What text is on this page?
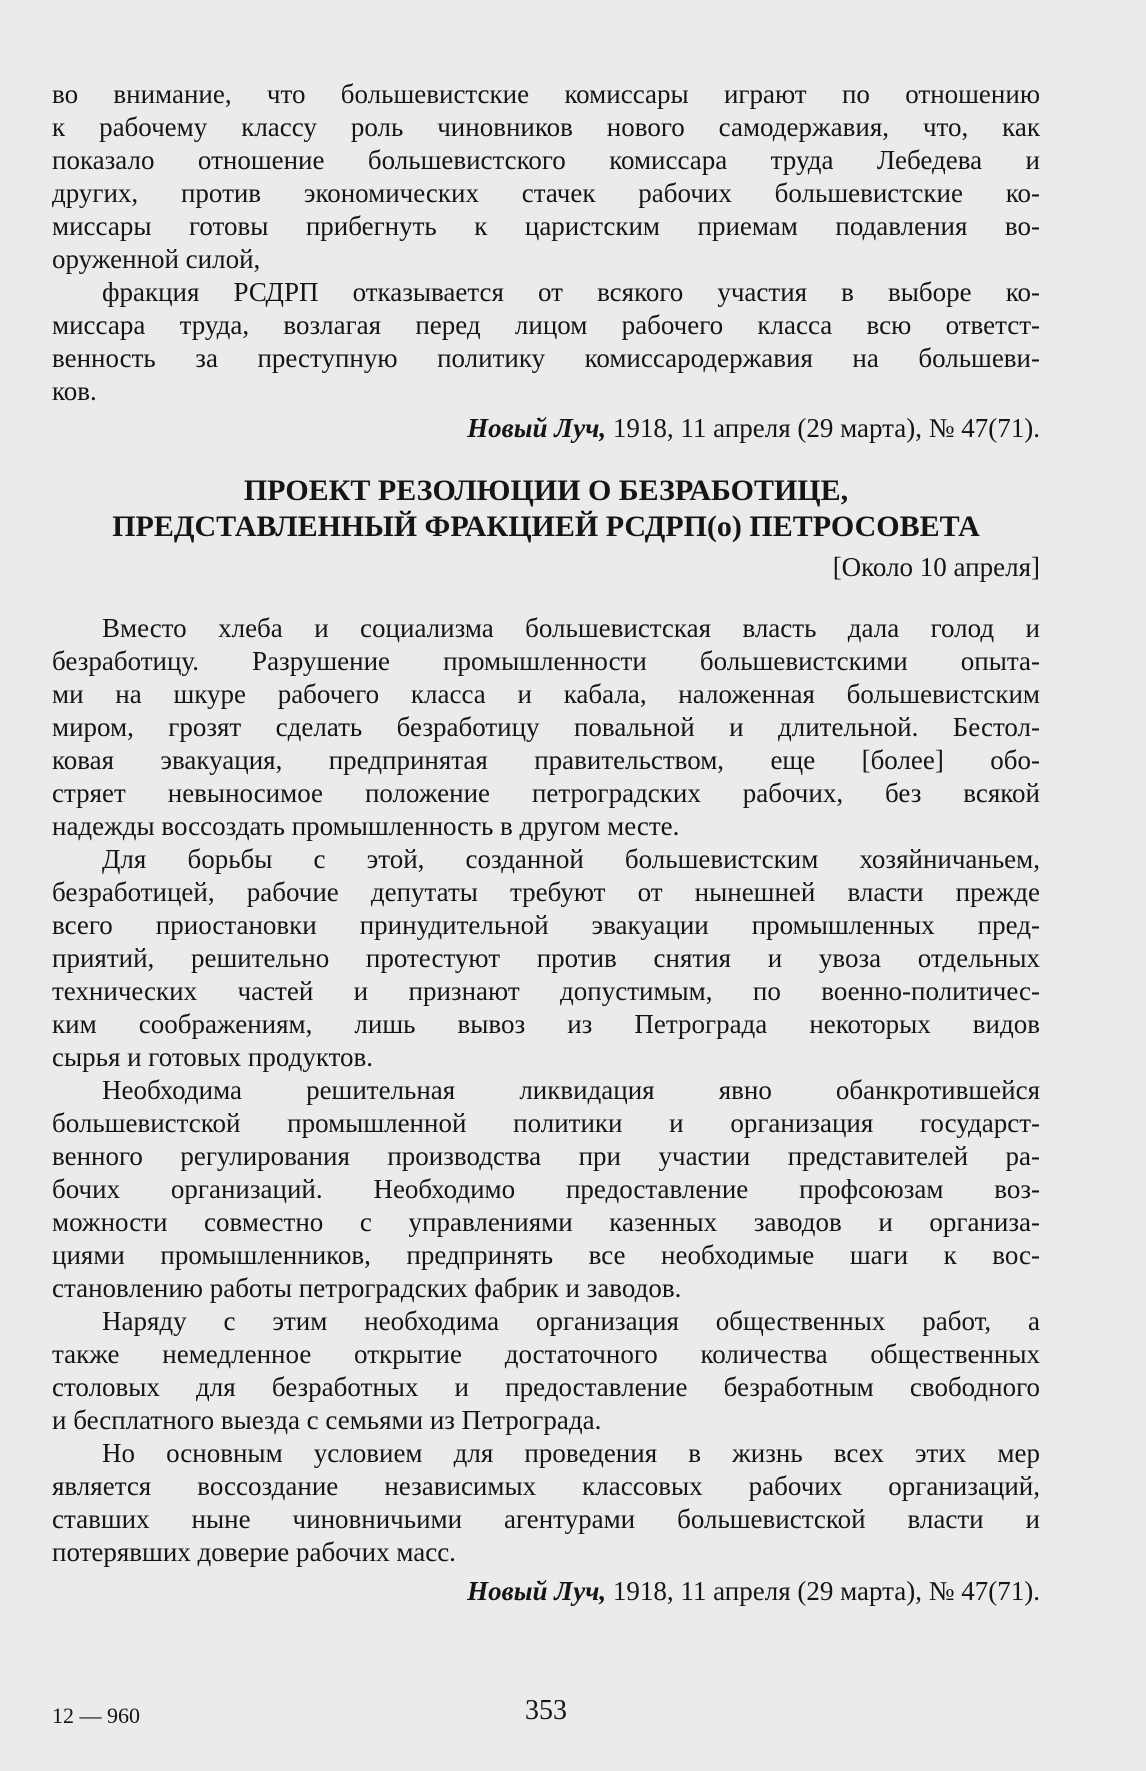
во внимание, что большевистские комиссары играют по отношению
к рабочему классу роль чиновников нового самодержавия, что, как
показало отношение большевистского комиссара труда Лебедева и
других, против экономических стачек рабочих большевистские ко-
миссары готовы прибегнуть к царистским приемам подавления во-
оруженной силой,
фракция РСДРП отказывается от всякого участия в выборе ко-
миссара труда, возлагая перед лицом рабочего класса всю ответст-
венность за преступную политику комиссародержавия на большеви-
ков.
Новый Луч, 1918, 11 апреля (29 марта), № 47(71).
ПРОЕКТ РЕЗОЛЮЦИИ О БЕЗРАБОТИЦЕ,
ПРЕДСТАВЛЕННЫЙ ФРАКЦИЕЙ РСДРП(о) ПЕТРОСОВЕТА
[Около 10 апреля]
Вместо хлеба и социализма большевистская власть дала голод и
безработицу. Разрушение промышленности большевистскими опыта-
ми на шкуре рабочего класса и кабала, наложенная большевистским
миром, грозят сделать безработицу повальной и длительной. Бестол-
ковая эвакуация, предпринятая правительством, еще [более] обо-
стряет невыносимое положение петроградских рабочих, без всякой
надежды воссоздать промышленность в другом месте.
Для борьбы с этой, созданной большевистским хозяйничаньем,
безработицей, рабочие депутаты требуют от нынешней власти прежде
всего приостановки принудительной эвакуации промышленных пред-
приятий, решительно протестуют против снятия и увоза отдельных
технических частей и признают допустимым, по военно-политичес-
ким соображениям, лишь вывоз из Петрограда некоторых видов
сырья и готовых продуктов.
Необходима решительная ликвидация явно обанкротившейся
большевистской промышленной политики и организация государст-
венного регулирования производства при участии представителей ра-
бочих организаций. Необходимо предоставление профсоюзам воз-
можности совместно с управлениями казенных заводов и организа-
циями промышленников, предпринять все необходимые шаги к вос-
становлению работы петроградских фабрик и заводов.
Наряду с этим необходима организация общественных работ, а
также немедленное открытие достаточного количества общественных
столовых для безработных и предоставление безработным свободного
и бесплатного выезда с семьями из Петрограда.
Но основным условием для проведения в жизнь всех этих мер
является воссоздание независимых классовых рабочих организаций,
ставших ныне чиновничьими агентурами большевистской власти и
потерявших доверие рабочих масс.
Новый Луч, 1918, 11 апреля (29 марта), № 47(71).
12 — 960	353
